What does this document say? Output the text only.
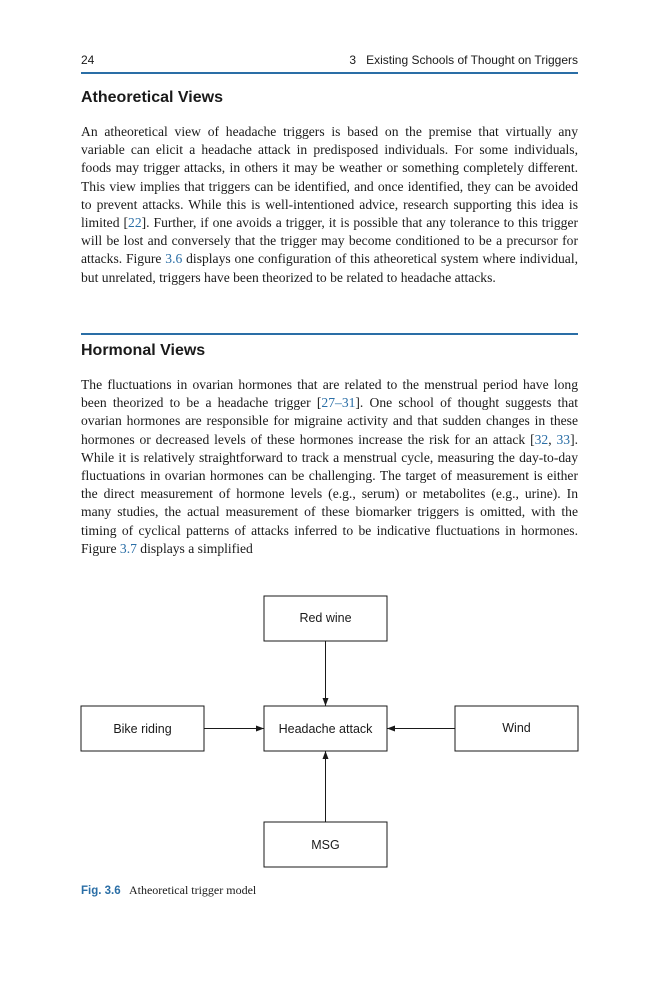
24	3   Existing Schools of Thought on Triggers
Atheoretical Views

An atheoretical view of headache triggers is based on the premise that virtually any variable can elicit a headache attack in predisposed individuals. For some individuals, foods may trigger attacks, in others it may be weather or something completely different. This view implies that triggers can be identified, and once identified, they can be avoided to prevent attacks. While this is well-intentioned advice, research supporting this idea is limited [22]. Further, if one avoids a trigger, it is possible that any tolerance to this trigger will be lost and conversely that the trigger may become conditioned to be a precursor for attacks. Figure 3.6 displays one configuration of this atheoretical system where individual, but unrelated, triggers have been theorized to be related to headache attacks.

Hormonal Views

The fluctuations in ovarian hormones that are related to the menstrual period have long been theorized to be a headache trigger [27–31]. One school of thought suggests that ovarian hormones are responsible for migraine activity and that sudden changes in these hormones or decreased levels of these hormones increase the risk for an attack [32, 33]. While it is relatively straightforward to track a menstrual cycle, measuring the day-to-day fluctuations in ovarian hormones can be challenging. The target of measurement is either the direct measurement of hormone levels (e.g., serum) or metabolites (e.g., urine). In many studies, the actual measurement of these biomarker triggers is omitted, with the timing of cyclical patterns of attacks inferred to be indicative fluctuations in hormones. Figure 3.7 displays a simplified

Red wine
Headache attack
Bike riding	Wind
MSG
Fig. 3.6 Atheoretical trigger model
